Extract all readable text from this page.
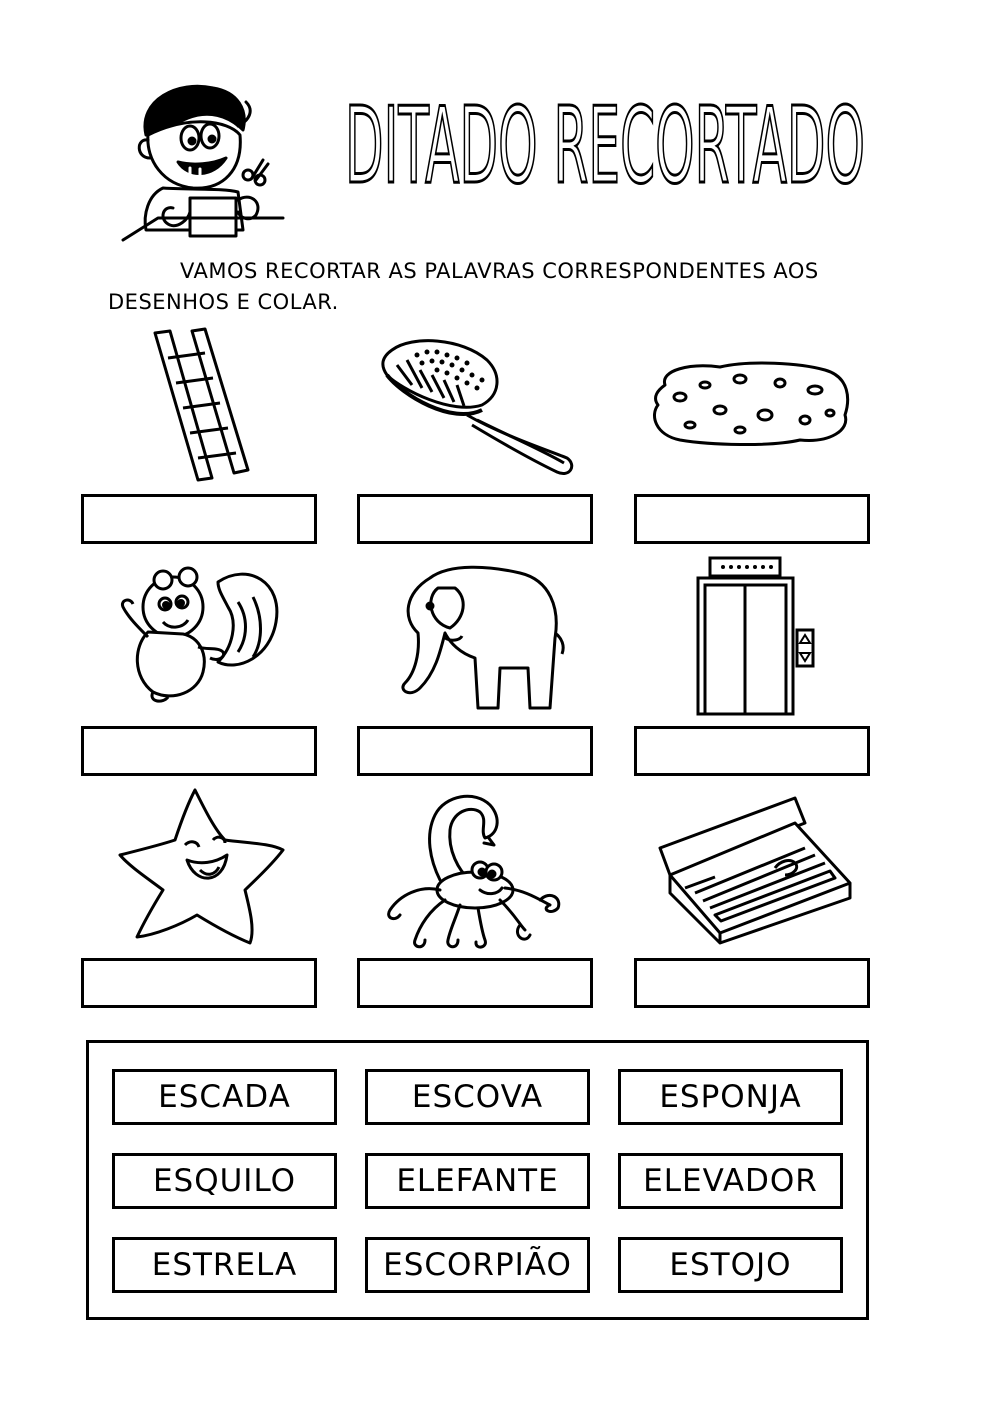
DITADO RECORTADO
VAMOS RECORTAR AS PALAVRAS CORRESPONDENTES AOS
DESENHOS E COLAR.
ESCADA	ESCOVA	ESPONJA
ESQUILO	ELEFANTE	ELEVADOR
ESTRELA	ESCORPIÃO	ESTOJO
